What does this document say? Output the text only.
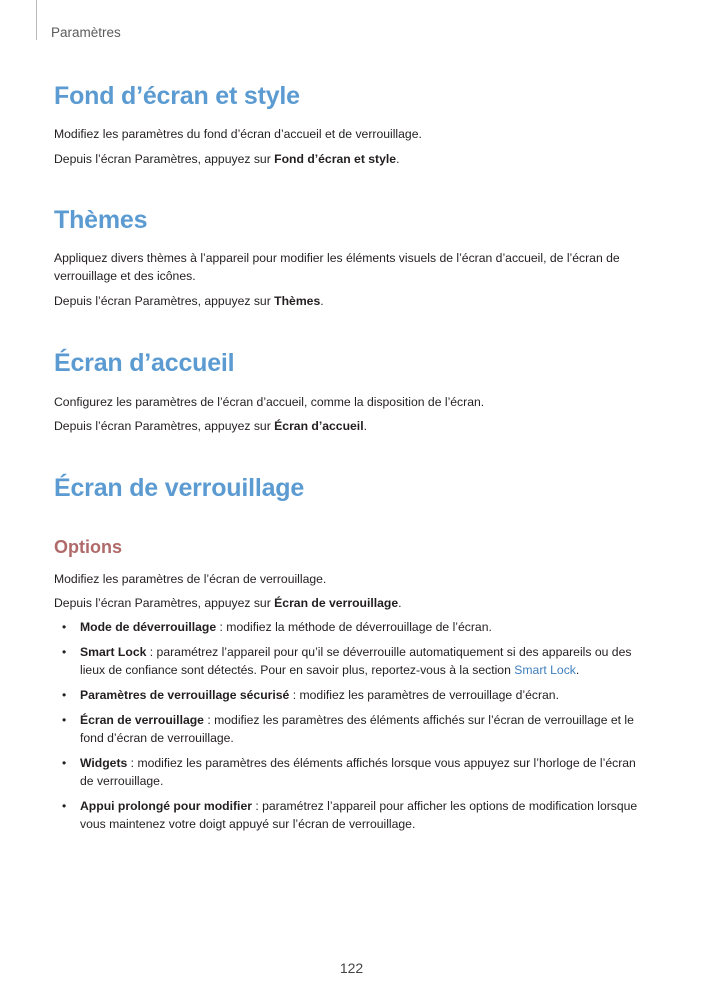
Paramètres
Fond d’écran et style
Modifiez les paramètres du fond d’écran d’accueil et de verrouillage.
Depuis l’écran Paramètres, appuyez sur Fond d’écran et style.
Thèmes
Appliquez divers thèmes à l’appareil pour modifier les éléments visuels de l’écran d’accueil, de l’écran de verrouillage et des icônes.
Depuis l’écran Paramètres, appuyez sur Thèmes.
Écran d’accueil
Configurez les paramètres de l’écran d’accueil, comme la disposition de l’écran.
Depuis l’écran Paramètres, appuyez sur Écran d’accueil.
Écran de verrouillage
Options
Modifiez les paramètres de l’écran de verrouillage.
Depuis l’écran Paramètres, appuyez sur Écran de verrouillage.
• Mode de déverrouillage : modifiez la méthode de déverrouillage de l’écran.
• Smart Lock : paramétrez l’appareil pour qu’il se déverrouille automatiquement si des appareils ou des lieux de confiance sont détectés. Pour en savoir plus, reportez-vous à la section Smart Lock.
• Paramètres de verrouillage sécurisé : modifiez les paramètres de verrouillage d’écran.
• Écran de verrouillage : modifiez les paramètres des éléments affichés sur l’écran de verrouillage et le fond d’écran de verrouillage.
• Widgets : modifiez les paramètres des éléments affichés lorsque vous appuyez sur l’horloge de l’écran de verrouillage.
• Appui prolongé pour modifier : paramétrez l’appareil pour afficher les options de modification lorsque vous maintenez votre doigt appuyé sur l’écran de verrouillage.
122
